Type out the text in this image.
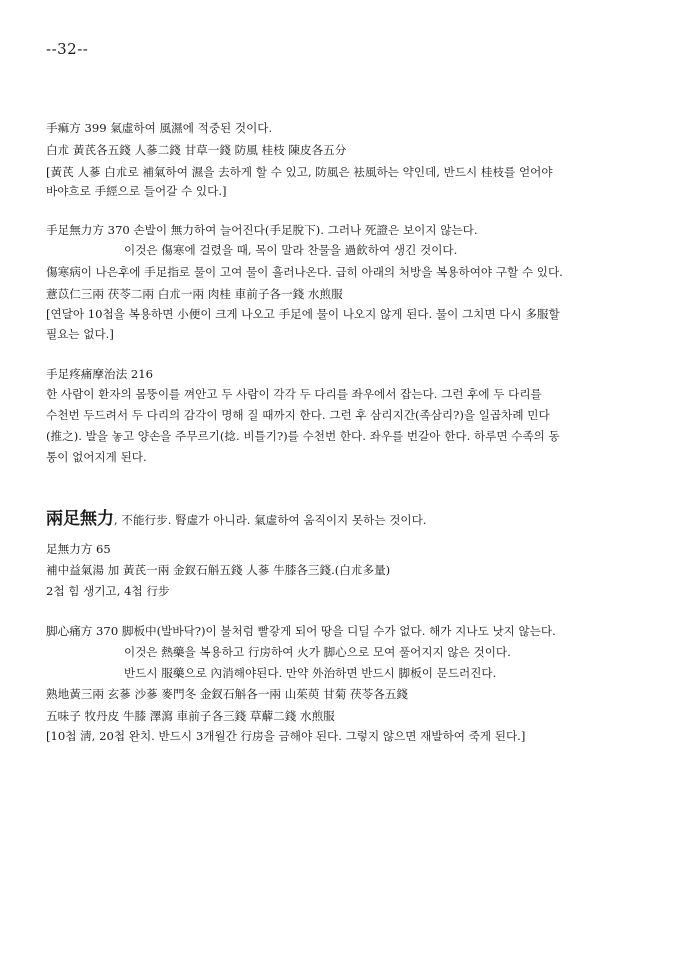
--32--
手痲方 399 氣虛하여 風濕에 적중된 것이다.
白朮 黃芪各五錢 人蔘二錢 甘草一錢 防風 桂枝 陳皮各五分
[黃芪 人蔘 白朮로 補氣하여 濕을 去하게 할 수 있고, 防風은 袪風하는 약인데, 반드시 桂枝를 얻어야
바야흐로 手經으로 들어갈 수 있다.]
手足無力方 370 손발이 無力하여 늘어진다(手足脫下). 그러나 死證은 보이지 않는다.
이것은 傷寒에 걸렸을 때, 목이 말라 찬물을 過飮하여 생긴 것이다.
傷寒病이 나은후에 手足指로 물이 고여 물이 흘러나온다. 급히 아래의 처방을 복용하여야 구할 수 있다.
薏苡仁三兩 茯苓二兩 白朮一兩 肉桂 車前子各一錢 水煎服
[연달아 10첩을 복용하면 小便이 크게 나오고 手足에 물이 나오지 않게 된다. 물이 그치면 다시 多服할
필요는 없다.]
手足疼痛摩治法 216
한 사람이 환자의 몸뚱이를 껴안고 두 사람이 각각 두 다리를 좌우에서 잡는다. 그런 후에 두 다리를
수천번 두드려서 두 다리의 감각이 명해 질 때까지 한다. 그런 후 삼리지간(족삼리?)을 일곱차례 민다
(推之). 발을 놓고 양손을 주무르기(捻. 비틀기?)를 수천번 한다. 좌우를 번갈아 한다. 하루면 수족의 동
통이 없어지게 된다.
兩足無力, 不能行步. 腎虛가 아니라. 氣虛하여 움직이지 못하는 것이다.
足無力方 65
補中益氣湯 加 黃芪一兩 金釵石斛五錢 人蔘 牛膝各三錢.(白朮多量)
2첩 힘 생기고, 4첩 行步
脚心痛方 370 脚板中(발바닥?)이 불처럼 빨갛게 되어 땅을 디딜 수가 없다. 해가 지나도 낫지 않는다.
이것은 熱藥을 복용하고 行房하여 火가 脚心으로 모여 풀어지지 않은 것이다.
반드시 服藥으로 內消해야된다. 만약 外治하면 반드시 脚板이 문드러진다.
熟地黃三兩 玄蔘 沙蔘 麥門冬 金釵石斛各一兩 山茱萸 甘菊 茯苓各五錢
五味子 牧丹皮 牛膝 澤瀉 車前子各三錢 草薢二錢 水煎服
[10첩 淸, 20첩 완치. 반드시 3개월간 行房을 금해야 된다. 그렇지 않으면 재발하여 죽게 된다.]
